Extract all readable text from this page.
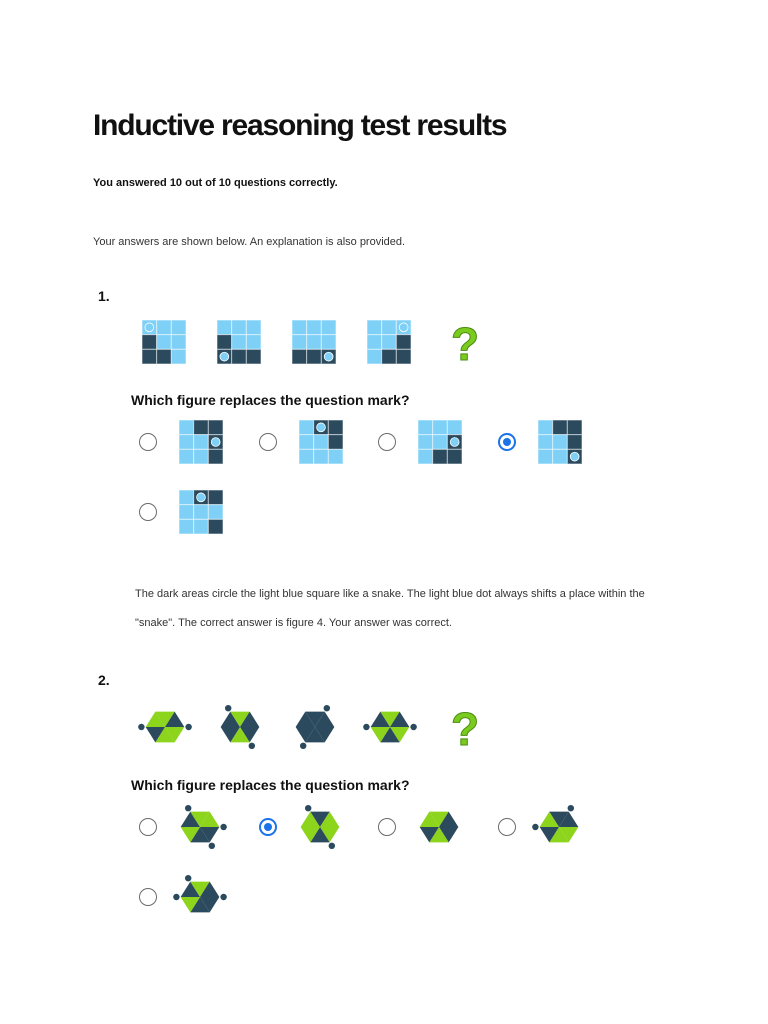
Inductive reasoning test results

You answered 10 out of 10 questions correctly.

Your answers are shown below. An explanation is also provided.

1.

?

Which figure replaces the question mark?

The dark areas circle the light blue square like a snake. The light blue dot always shifts a place within the "snake". The correct answer is figure 4. Your answer was correct.

2.

?

Which figure replaces the question mark?
